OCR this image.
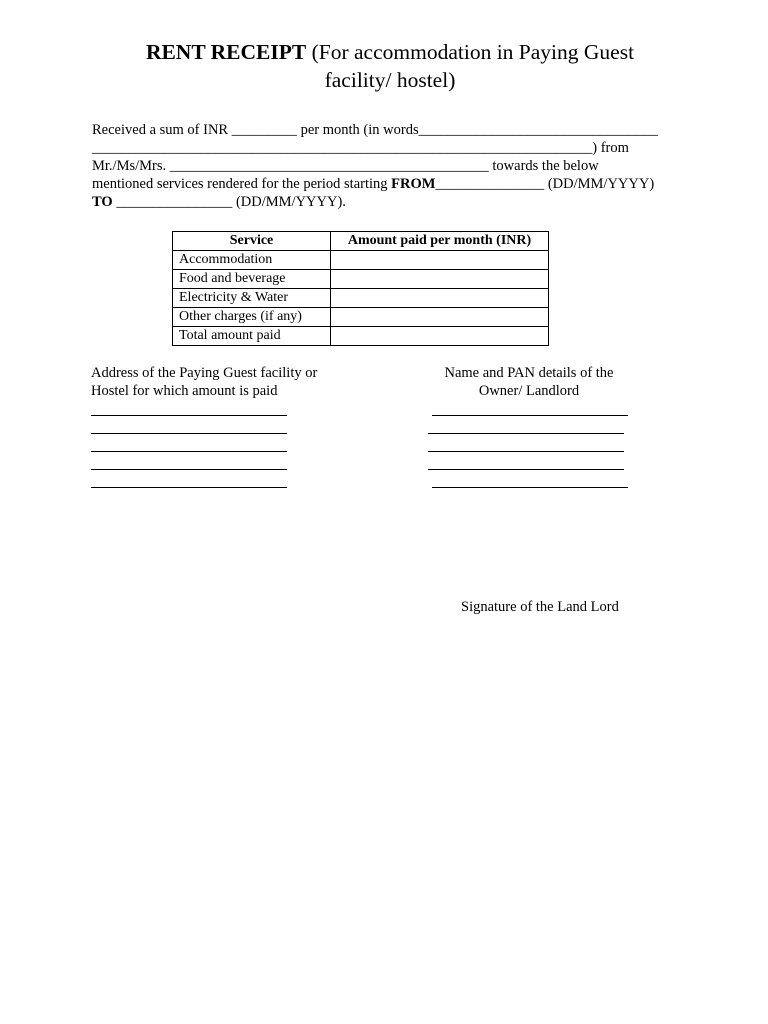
RENT RECEIPT (For accommodation in Paying Guest facility/ hostel)
Received a sum of INR _________ per month (in words_________________________________
_____________________________________________________________________) from
Mr./Ms/Mrs. ____________________________________________ towards the below
mentioned services rendered for the period starting FROM_______________ (DD/MM/YYYY)
TO ________________ (DD/MM/YYYY).
Service	Amount paid per month (INR)
Accommodation	
Food and beverage	
Electricity & Water	
Other charges (if any)	
Total amount paid	
Address of the Paying Guest facility or
Hostel for which amount is paid
Name and PAN details of the
Owner/ Landlord
Signature of the Land Lord
